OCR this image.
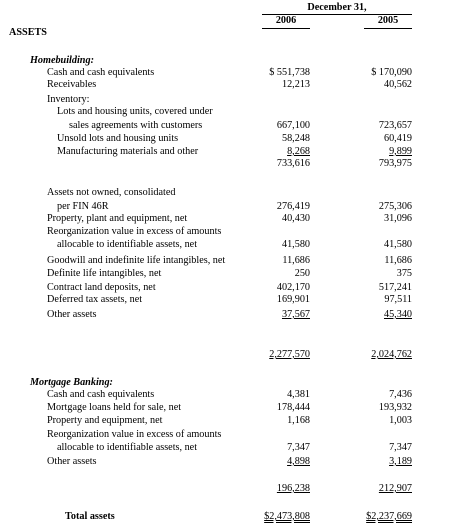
December 31,
2006	2005
ASSETS
Homebuilding:
Cash and cash equivalents	$ 551,738	$ 170,090
Receivables	12,213	40,562
Inventory:
Lots and housing units, covered under
sales agreements with customers	667,100	723,657
Unsold lots and housing units	58,248	60,419
Manufacturing materials and other	8,268	9,899
733,616	793,975
Assets not owned, consolidated
per FIN 46R	276,419	275,306
Property, plant and equipment, net	40,430	31,096
Reorganization value in excess of amounts
allocable to identifiable assets, net	41,580	41,580
Goodwill and indefinite life intangibles, net	11,686	11,686
Definite life intangibles, net	250	375
Contract land deposits, net	402,170	517,241
Deferred tax assets, net	169,901	97,511
Other assets	37,567	45,340
2,277,570	2,024,762
Mortgage Banking:
Cash and cash equivalents	4,381	7,436
Mortgage loans held for sale, net	178,444	193,932
Property and equipment, net	1,168	1,003
Reorganization value in excess of amounts
allocable to identifiable assets, net	7,347	7,347
Other assets	4,898	3,189
196,238	212,907
Total assets	$2,473,808	$2,237,669
